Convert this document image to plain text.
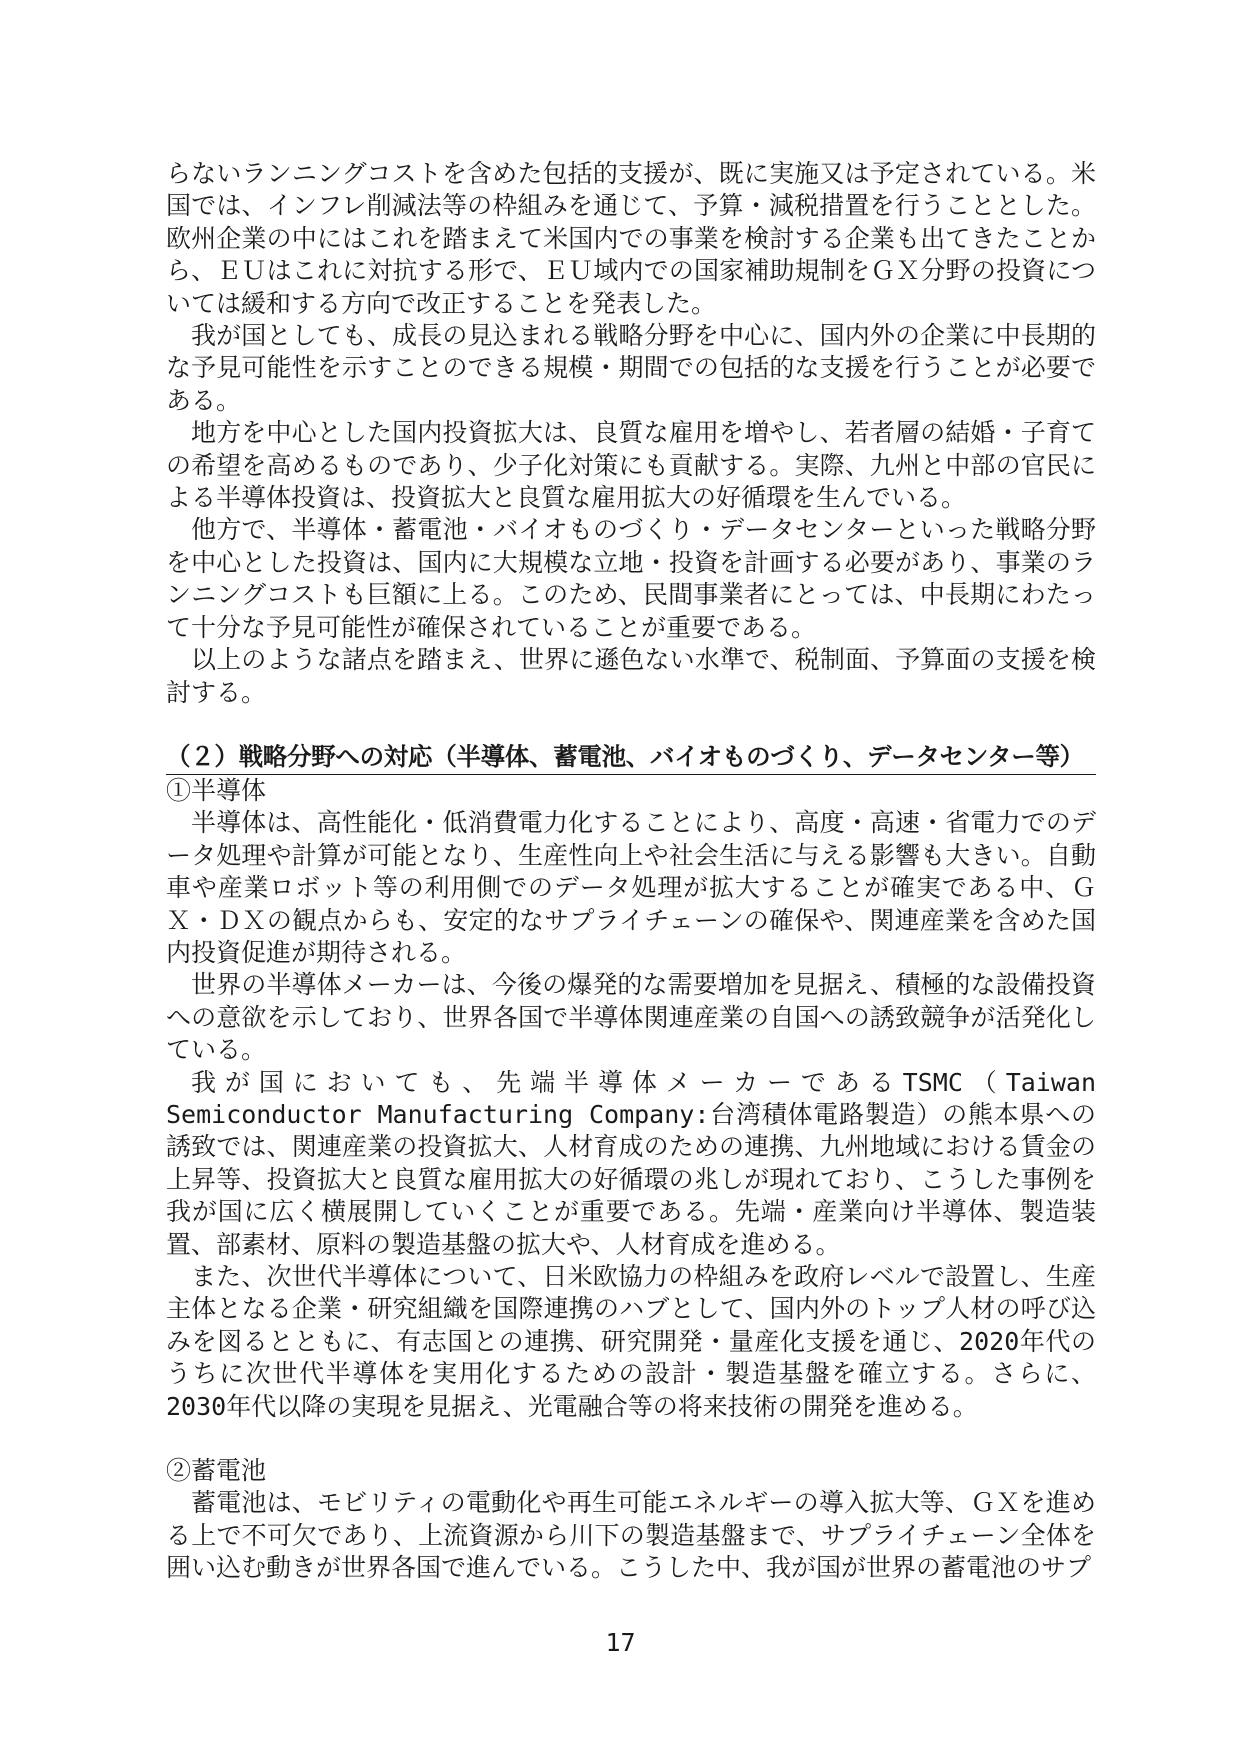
らないランニングコストを含めた包括的支援が、既に実施又は予定されている。米国では、インフレ削減法等の枠組みを通じて、予算・減税措置を行うこととした。欧州企業の中にはこれを踏まえて米国内での事業を検討する企業も出てきたことから、ＥＵはこれに対抗する形で、ＥＵ域内での国家補助規制をＧＸ分野の投資については緩和する方向で改正することを発表した。

我が国としても、成長の見込まれる戦略分野を中心に、国内外の企業に中長期的な予見可能性を示すことのできる規模・期間での包括的な支援を行うことが必要である。

地方を中心とした国内投資拡大は、良質な雇用を増やし、若者層の結婚・子育ての希望を高めるものであり、少子化対策にも貢献する。実際、九州と中部の官民による半導体投資は、投資拡大と良質な雇用拡大の好循環を生んでいる。

他方で、半導体・蓄電池・バイオものづくり・データセンターといった戦略分野を中心とした投資は、国内に大規模な立地・投資を計画する必要があり、事業のランニングコストも巨額に上る。このため、民間事業者にとっては、中長期にわたって十分な予見可能性が確保されていることが重要である。

以上のような諸点を踏まえ、世界に遜色ない水準で、税制面、予算面の支援を検討する。

（２）戦略分野への対応（半導体、蓄電池、バイオものづくり、データセンター等）

①半導体

半導体は、高性能化・低消費電力化することにより、高度・高速・省電力でのデータ処理や計算が可能となり、生産性向上や社会生活に与える影響も大きい。自動車や産業ロボット等の利用側でのデータ処理が拡大することが確実である中、ＧＸ・ＤＸの観点からも、安定的なサプライチェーンの確保や、関連産業を含めた国内投資促進が期待される。

世界の半導体メーカーは、今後の爆発的な需要増加を見据え、積極的な設備投資への意欲を示しており、世界各国で半導体関連産業の自国への誘致競争が活発化している。

我が国においても、先端半導体メーカーであるTSMC（Taiwan Semiconductor Manufacturing Company:台湾積体電路製造）の熊本県への誘致では、関連産業の投資拡大、人材育成のための連携、九州地域における賃金の上昇等、投資拡大と良質な雇用拡大の好循環の兆しが現れており、こうした事例を我が国に広く横展開していくことが重要である。先端・産業向け半導体、製造装置、部素材、原料の製造基盤の拡大や、人材育成を進める。

また、次世代半導体について、日米欧協力の枠組みを政府レベルで設置し、生産主体となる企業・研究組織を国際連携のハブとして、国内外のトップ人材の呼び込みを図るとともに、有志国との連携、研究開発・量産化支援を通じ、2020年代のうちに次世代半導体を実用化するための設計・製造基盤を確立する。さらに、2030年代以降の実現を見据え、光電融合等の将来技術の開発を進める。

②蓄電池

蓄電池は、モビリティの電動化や再生可能エネルギーの導入拡大等、ＧＸを進める上で不可欠であり、上流資源から川下の製造基盤まで、サプライチェーン全体を囲い込む動きが世界各国で進んでいる。こうした中、我が国が世界の蓄電池のサプ

17
